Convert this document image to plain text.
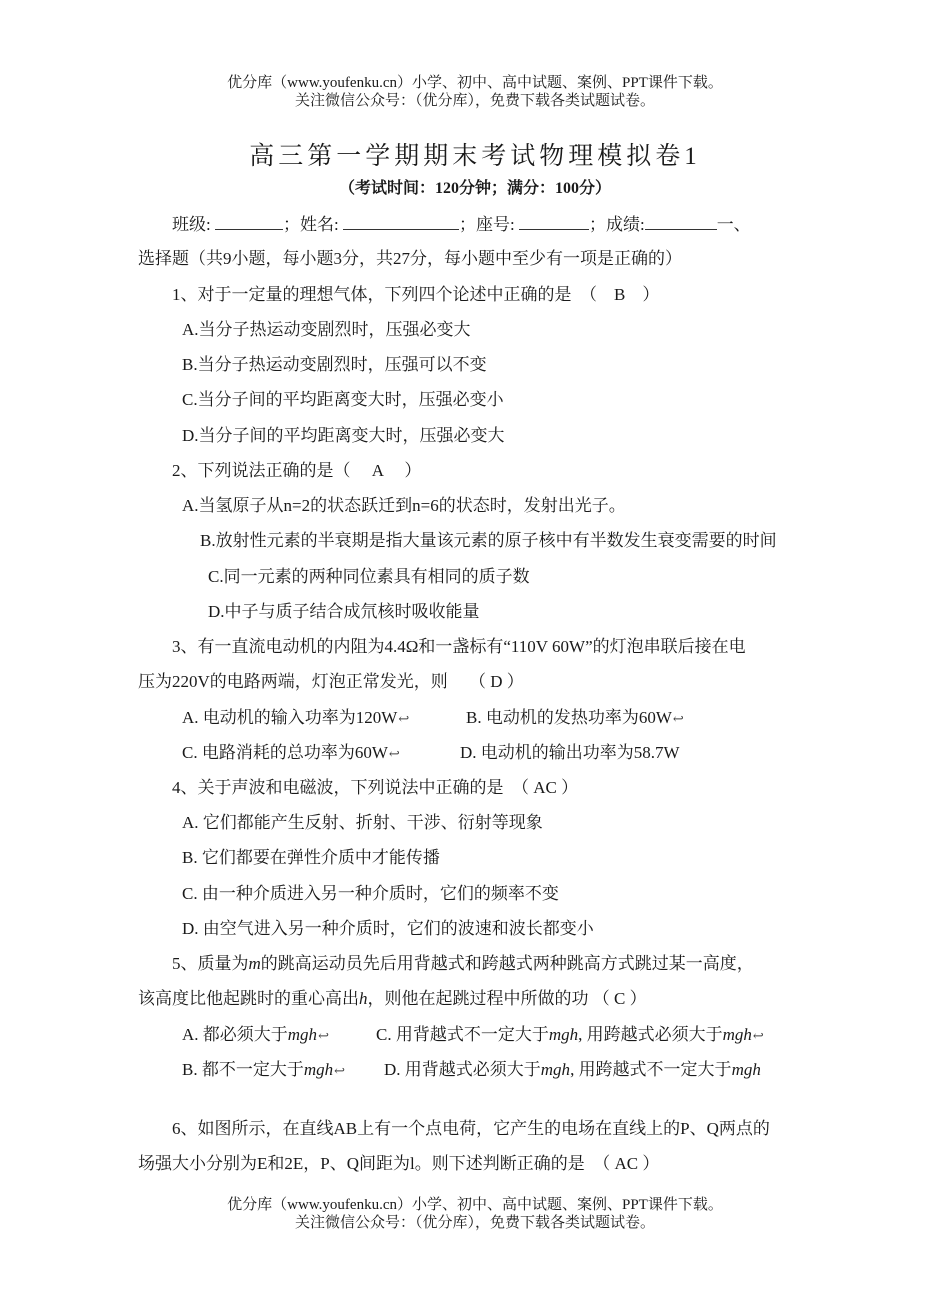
优分库（www.youfenku.cn）小学、初中、高中试题、案例、PPT课件下载。
关注微信公众号：（优分库），免费下载各类试题试卷。
高三第一学期期末考试物理模拟卷1
（考试时间：120分钟；满分：100分）
班级:	；姓名:	；座号:	；成绩:	一、
选择题（共9小题，每小题3分，共27分，每小题中至少有一项是正确的）
1、对于一定量的理想气体，下列四个论述中正确的是　（　B　）
A.当分子热运动变剧烈时，压强必变大
B.当分子热运动变剧烈时，压强可以不变
C.当分子间的平均距离变大时，压强必变小
D.当分子间的平均距离变大时，压强必变大
2、下列说法正确的是（　 A　 ）
A.当氢原子从n=2的状态跃迁到n=6的状态时，发射出光子。
B.放射性元素的半衰期是指大量该元素的原子核中有半数发生衰变需要的时间
C.同一元素的两种同位素具有相同的质子数
D.中子与质子结合成氘核时吸收能量
3、有一直流电动机的内阻为4.4Ω和一盏标有“110V 60W”的灯泡串联后接在电
压为220V的电路两端，灯泡正常发光，则　 （ D ）
A. 电动机的输入功率为120W↩	B. 电动机的发热功率为60W↩
C. 电路消耗的总功率为60W↩	D. 电动机的输出功率为58.7W
4、关于声波和电磁波，下列说法中正确的是　（ AC ）
A. 它们都能产生反射、折射、干涉、衍射等现象
B. 它们都要在弹性介质中才能传播
C. 由一种介质进入另一种介质时，它们的频率不变
D. 由空气进入另一种介质时，它们的波速和波长都变小
5、质量为m的跳高运动员先后用背越式和跨越式两种跳高方式跳过某一高度，
该高度比他起跳时的重心高出h，则他在起跳过程中所做的功 （ C ）
A. 都必须大于mgh↩	C. 用背越式不一定大于mgh, 用跨越式必须大于mgh↩
B. 都不一定大于mgh↩ D. 用背越式必须大于mgh, 用跨越式不一定大于mgh
6、如图所示，在直线AB上有一个点电荷，它产生的电场在直线上的P、Q两点的
场强大小分别为E和2E，P、Q间距为l。则下述判断正确的是　（ AC ）
优分库（www.youfenku.cn）小学、初中、高中试题、案例、PPT课件下载。
关注微信公众号：（优分库），免费下载各类试题试卷。
